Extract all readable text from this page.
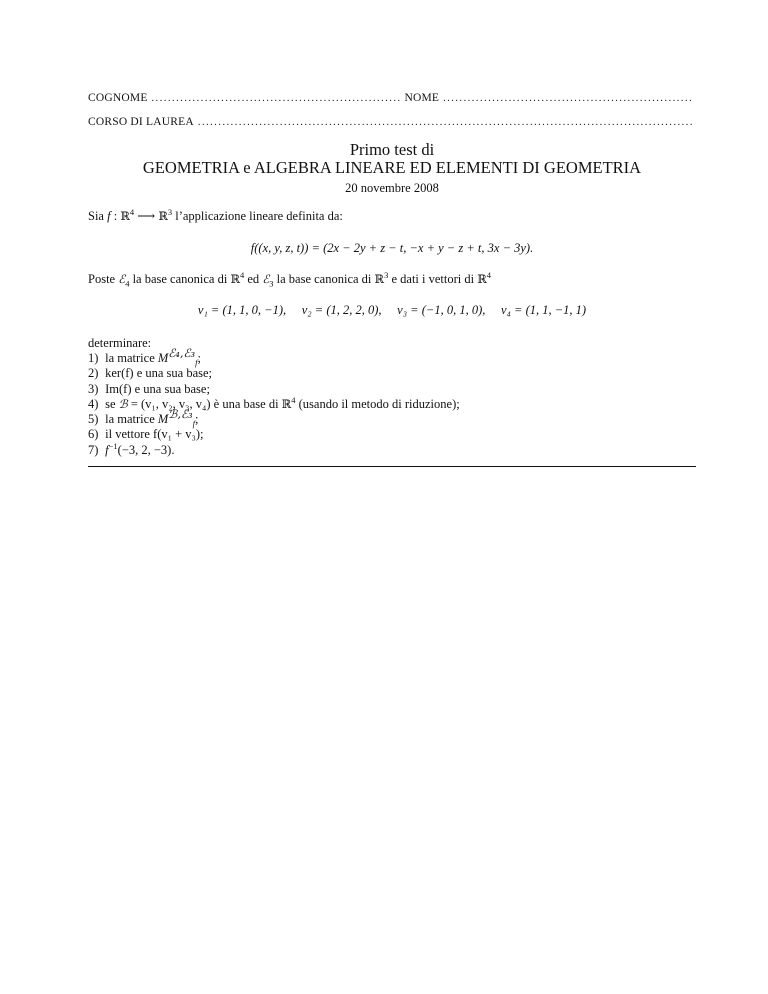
COGNOME
.....	NOME
.....
CORSO DI LAUREA
.....
Primo test di
GEOMETRIA e ALGEBRA LINEARE ED ELEMENTI DI GEOMETRIA
20 novembre 2008
Sia f : ℝ$^4$ ⟶ ℝ$^3$ l’applicazione lineare definita da:
f((x, y, z, t)) = (2x − 2y + z − t, −x + y − z + t, 3x − 3y).
Poste ℰ$_4$ la base canonica di ℝ$^4$ ed ℰ$_3$ la base canonica di ℝ$^3$ e dati i vettori di ℝ$^4$
v₁ = (1, 1, 0, −1), v₂ = (1, 2, 2, 0), v₃ = (−1, 0, 1, 0), v₄ = (1, 1, −1, 1)
determinare:
1) la matrice $M^{ℰ_4,ℰ_3}_f$;
2) ker(f) e una sua base;
3) Im(f) e una sua base;
4) se ℬ = (v₁, v₂, v₃, v₄) è una base di ℝ$^4$ (usando il metodo di riduzione);
5) la matrice $M^{ℬ,ℰ_3}_f$;
6) il vettore f(v₁ + v₃);
7) $f^{-1}(-3$, 2, −3).
